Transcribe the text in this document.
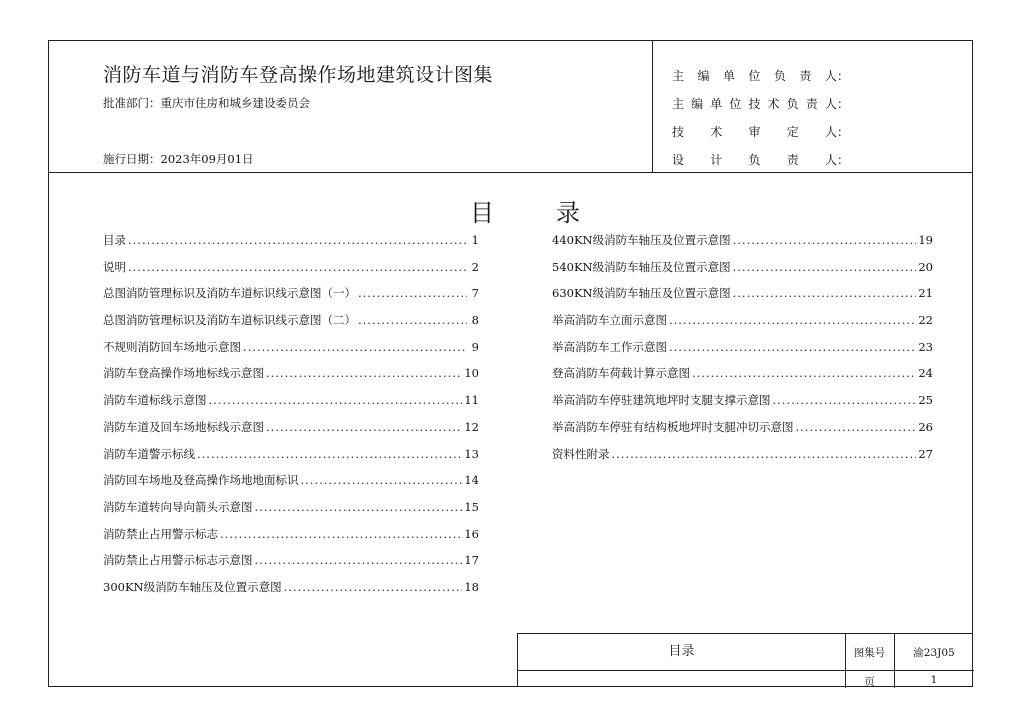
消防车道与消防车登高操作场地建筑设计图集
批准部门：重庆市住房和城乡建设委员会
施行日期：2023年09月01日
主 编 单 位 负 责 人 ：
主 编 单 位 技 术 负 责 人 ：
技 术 审 定 人 ：
设 计 负 责 人 ：
目	录
目录 .....	1
说明 .....	2
总图消防管理标识及消防车道标识线示意图（一） .....	7
总图消防管理标识及消防车道标识线示意图（二） .....	8
不规则消防回车场地示意图 .....	9
消防车登高操作场地标线示意图 .....	10
消防车道标线示意图 .....	11
消防车道及回车场地标线示意图 .....	12
消防车道警示标线 .....	13
消防回车场地及登高操作场地地面标识 .....	14
消防车道转向导向箭头示意图 .....	15
消防禁止占用警示标志 .....	16
消防禁止占用警示标志示意图 .....	17
300KN级消防车轴压及位置示意图 .....	18
440KN级消防车轴压及位置示意图 .....	19
540KN级消防车轴压及位置示意图 .....	20
630KN级消防车轴压及位置示意图 .....	21
举高消防车立面示意图 .....	22
举高消防车工作示意图 .....	23
登高消防车荷载计算示意图 .....	24
举高消防车停驻建筑地坪时支腿支撑示意图 .....	25
举高消防车停驻有结构板地坪时支腿冲切示意图 .....	26
资料性附录 .....	27
目录	图集号	渝23J05
页	1
